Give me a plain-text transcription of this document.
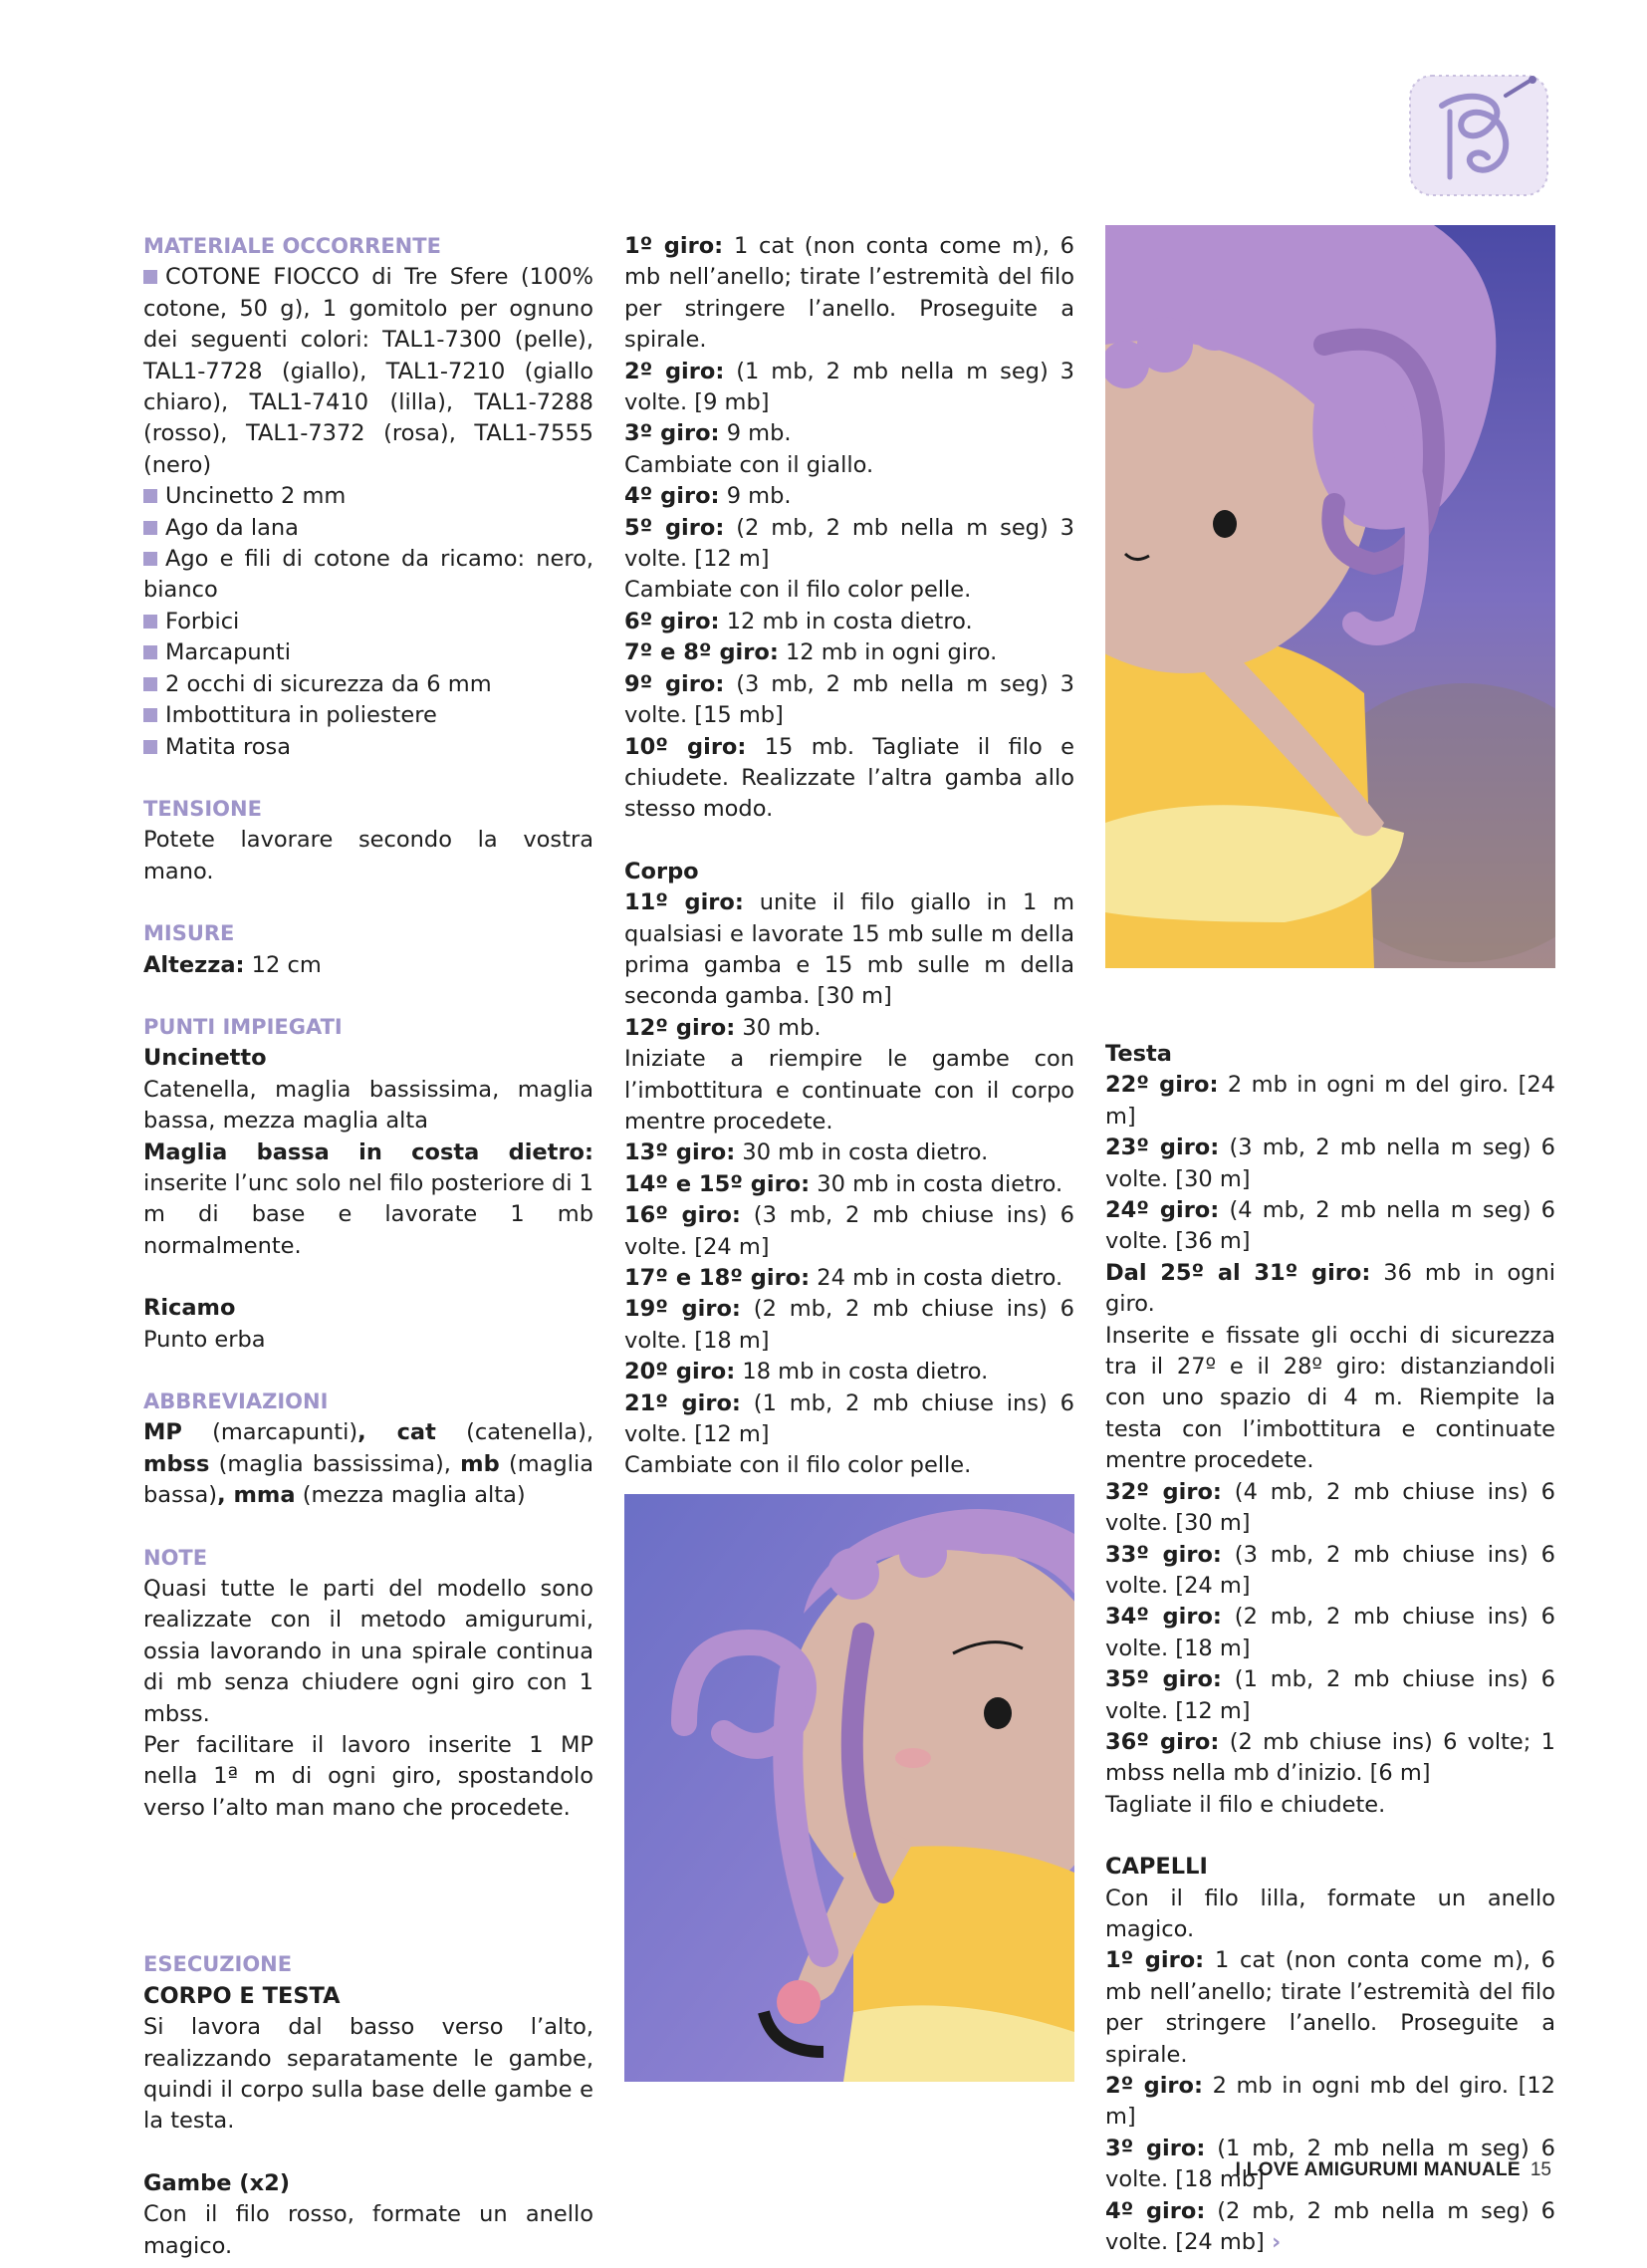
MATERIALE OCCORRENTE

COTONE FIOCCO di Tre Sfere (100% cotone, 50 g), 1 gomitolo per ognuno dei seguenti colori: TAL1-7300 (pelle), TAL1-7728 (giallo), TAL1-7210 (giallo chiaro), TAL1-7410 (lilla), TAL1-7288 (rosso), TAL1-7372 (rosa), TAL1-7555 (nero)

Uncinetto 2 mm

Ago da lana

Ago e fili di cotone da ricamo: nero, bianco

Forbici

Marcapunti

2 occhi di sicurezza da 6 mm

Imbottitura in poliestere

Matita rosa

TENSIONE

Potete lavorare secondo la vostra mano.

MISURE

Altezza: 12 cm

PUNTI IMPIEGATI

Uncinetto

Catenella, maglia bassissima, maglia bassa, mezza maglia alta

Maglia bassa in costa dietro: inserite l’unc solo nel filo posteriore di 1 m di base e lavorate 1 mb normalmente.

Ricamo

Punto erba

ABBREVIAZIONI

MP (marcapunti), cat (catenella), mbss (maglia bassissima), mb (maglia bassa), mma (mezza maglia alta)

NOTE

Quasi tutte le parti del modello sono realizzate con il metodo amigurumi, ossia lavorando in una spirale continua di mb senza chiudere ogni giro con 1 mbss.

Per facilitare il lavoro inserite 1 MP nella 1ª m di ogni giro, spostandolo verso l’alto man mano che procedete.

ESECUZIONE

CORPO E TESTA

Si lavora dal basso verso l’alto, realizzando separatamente le gambe, quindi il corpo sulla base delle gambe e la testa.

Gambe (x2)

Con il filo rosso, formate un anello magico.

1º giro: 1 cat (non conta come m), 6 mb nell’anello; tirate l’estremità del filo per stringere l’anello. Proseguite a spirale.

2º giro: (1 mb, 2 mb nella m seg) 3 volte. [9 mb]

3º giro: 9 mb.

Cambiate con il giallo.

4º giro: 9 mb.

5º giro: (2 mb, 2 mb nella m seg) 3 volte. [12 m]

Cambiate con il filo color pelle.

6º giro: 12 mb in costa dietro.

7º e 8º giro: 12 mb in ogni giro.

9º giro: (3 mb, 2 mb nella m seg) 3 volte. [15 mb]

10º giro: 15 mb. Tagliate il filo e chiudete. Realizzate l’altra gamba allo stesso modo.

Corpo

11º giro: unite il filo giallo in 1 m qualsiasi e lavorate 15 mb sulle m della prima gamba e 15 mb sulle m della seconda gamba. [30 m]

12º giro: 30 mb.

Iniziate a riempire le gambe con l’imbottitura e continuate con il corpo mentre procedete.

13º giro: 30 mb in costa dietro.

14º e 15º giro: 30 mb in costa dietro.

16º giro: (3 mb, 2 mb chiuse ins) 6 volte. [24 m]

17º e 18º giro: 24 mb in costa dietro.

19º giro: (2 mb, 2 mb chiuse ins) 6 volte. [18 m]

20º giro: 18 mb in costa dietro.

21º giro: (1 mb, 2 mb chiuse ins) 6 volte. [12 m]

Cambiate con il filo color pelle.

Testa

22º giro: 2 mb in ogni m del giro. [24 m]

23º giro: (3 mb, 2 mb nella m seg) 6 volte. [30 m]

24º giro: (4 mb, 2 mb nella m seg) 6 volte. [36 m]

Dal 25º al 31º giro: 36 mb in ogni giro.

Inserite e fissate gli occhi di sicurezza tra il 27º e il 28º giro: distanziandoli con uno spazio di 4 m. Riempite la testa con l’imbottitura e continuate mentre procedete.

32º giro: (4 mb, 2 mb chiuse ins) 6 volte. [30 m]

33º giro: (3 mb, 2 mb chiuse ins) 6 volte. [24 m]

34º giro: (2 mb, 2 mb chiuse ins) 6 volte. [18 m]

35º giro: (1 mb, 2 mb chiuse ins) 6 volte. [12 m]

36º giro: (2 mb chiuse ins) 6 volte; 1 mbss nella mb d’inizio. [6 m]

Tagliate il filo e chiudete.

CAPELLI

Con il filo lilla, formate un anello magico.

1º giro: 1 cat (non conta come m), 6 mb nell’anello; tirate l’estremità del filo per stringere l’anello. Proseguite a spirale.

2º giro: 2 mb in ogni mb del giro. [12 m]

3º giro: (1 mb, 2 mb nella m seg) 6 volte. [18 mb]

4º giro: (2 mb, 2 mb nella m seg) 6 volte. [24 mb] ›

I LOVE AMIGURUMI MANUALE 15
